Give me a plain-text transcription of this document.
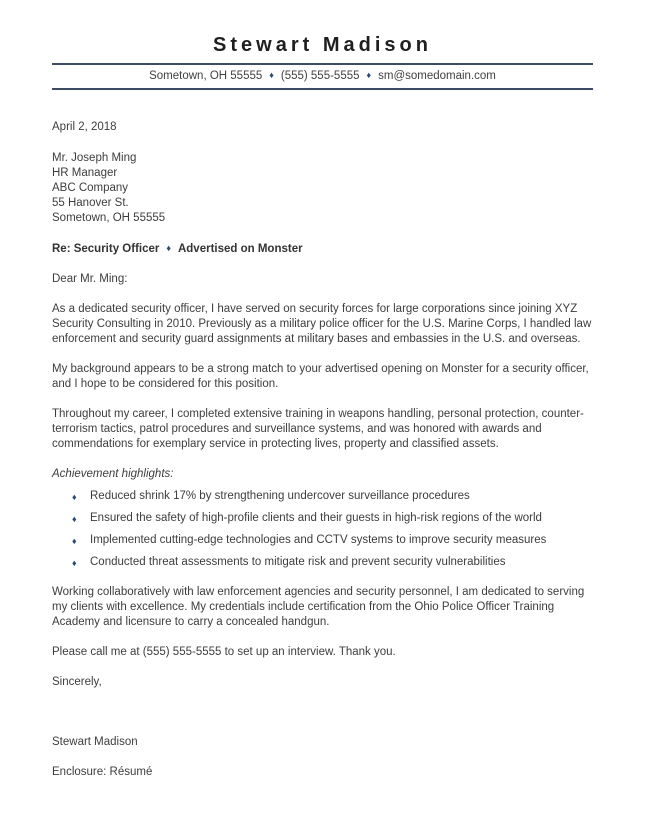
Stewart Madison
Sometown, OH 55555 ♦ (555) 555-5555 ♦ sm@somedomain.com

April 2, 2018

Mr. Joseph Ming
HR Manager
ABC Company
55 Hanover St.
Sometown, OH 55555

Re: Security Officer ♦ Advertised on Monster

Dear Mr. Ming:

As a dedicated security officer, I have served on security forces for large corporations since joining XYZ Security Consulting in 2010. Previously as a military police officer for the U.S. Marine Corps, I handled law enforcement and security guard assignments at military bases and embassies in the U.S. and overseas.

My background appears to be a strong match to your advertised opening on Monster for a security officer, and I hope to be considered for this position.

Throughout my career, I completed extensive training in weapons handling, personal protection, counter-terrorism tactics, patrol procedures and surveillance systems, and was honored with awards and commendations for exemplary service in protecting lives, property and classified assets.

Achievement highlights:

♦ Reduced shrink 17% by strengthening undercover surveillance procedures
♦ Ensured the safety of high-profile clients and their guests in high-risk regions of the world
♦ Implemented cutting-edge technologies and CCTV systems to improve security measures
♦ Conducted threat assessments to mitigate risk and prevent security vulnerabilities

Working collaboratively with law enforcement agencies and security personnel, I am dedicated to serving my clients with excellence. My credentials include certification from the Ohio Police Officer Training Academy and licensure to carry a concealed handgun.

Please call me at (555) 555-5555 to set up an interview. Thank you.

Sincerely,

Stewart Madison

Enclosure: Résumé
